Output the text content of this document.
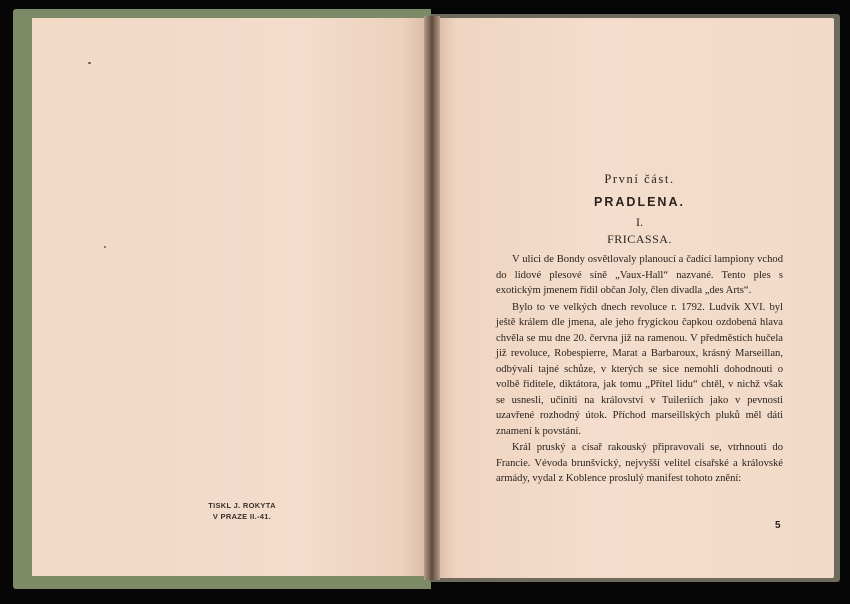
TISKL J. ROKYTA
V PRAZE II.-41.
První část.
PRADLENA.
I.
FRICASSA.

V ulici de Bondy osvětlovaly planoucí a čadící lampiony vchod do lidové plesové síně „Vaux-Hall“ nazvané. Tento ples s exotickým jmenem řídil občan Joly, člen divadla „des Arts“.

Bylo to ve velkých dnech revoluce r. 1792. Ludvík XVI. byl ještě králem dle jmena, ale jeho frygickou čapkou ozdobená hlava chvěla se mu dne 20. června již na ramenou. V předměstích hučela již revoluce, Robespierre, Marat a Barbaroux, krásný Marseillan, odbývali tajné schůze, v kterých se sice nemohli dohodnouti o volbě řiditele, diktátora, jak tomu „Přítel lidu“ chtěl, v nichž však se usnesli, učiniti na království v Tuileriích jako v pevnosti uzavřené rozhodný útok. Příchod marseillských pluků měl dáti znamení k povstání.

Král pruský a císař rakouský připravovali se, vtrhnouti do Francie. Vévoda brunšvický, nejvyšší velitel císařské a královské armády, vydal z Koblence proslulý manifest tohoto znění:

5
